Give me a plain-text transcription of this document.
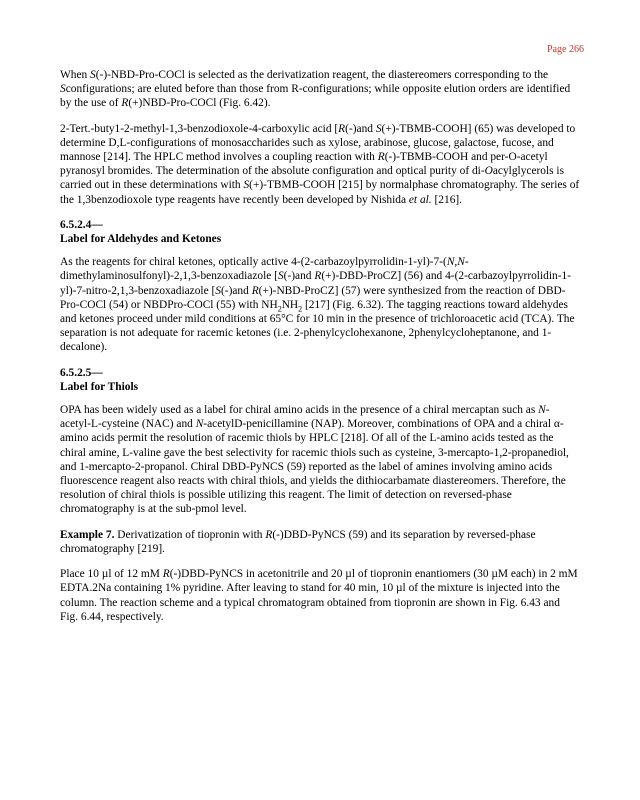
Page 266

When S(-)-NBD-Pro-COCl is selected as the derivatization reagent, the diastereomers corresponding to the Sconfigurations; are eluted before than those from R-configurations; while opposite elution orders are identified by the use of R(+)NBD-Pro-COCl (Fig. 6.42).

2-Tert.-buty1-2-methyl-1,3-benzodioxole-4-carboxylic acid [R(-)and S(+)-TBMB-COOH] (65) was developed to determine D,L-configurations of monosaccharides such as xylose, arabinose, glucose, galactose, fucose, and mannose [214]. The HPLC method involves a coupling reaction with R(-)-TBMB-COOH and per-O-acetyl pyranosyl bromides. The determination of the absolute configuration and optical purity of di-Oacylglycerols is carried out in these determinations with S(+)-TBMB-COOH [215] by normalphase chromatography. The series of the 1,3benzodioxole type reagents have recently been developed by Nishida et al. [216].

6.5.2.4—
Label for Aldehydes and Ketones

As the reagents for chiral ketones, optically active 4-(2-carbazoylpyrrolidin-1-yl)-7-(N,N-dimethylaminosulfonyl)-2,1,3-benzoxadiazole [S(-)and R(+)-DBD-ProCZ] (56) and 4-(2-carbazoylpyrrolidin-1-yl)-7-nitro-2,1,3-benzoxadiazole [S(-)and R(+)-NBD-ProCZ] (57) were synthesized from the reaction of DBD-Pro-COCl (54) or NBDPro-COCl (55) with $NH_2NH_2$ [217] (Fig. 6.32). The tagging reactions toward aldehydes and ketones proceed under mild conditions at 65°C for 10 min in the presence of trichloroacetic acid (TCA). The separation is not adequate for racemic ketones (i.e. 2-phenylcyclohexanone, 2phenylcycloheptanone, and 1-decalone).

6.5.2.5—
Label for Thiols

OPA has been widely used as a label for chiral amino acids in the presence of a chiral mercaptan such as N-acetyl-L-cysteine (NAC) and N-acetylD-penicillamine (NAP). Moreover, combinations of OPA and a chiral α-amino acids permit the resolution of racemic thiols by HPLC [218]. Of all of the L-amino acids tested as the chiral amine, L-valine gave the best selectivity for racemic thiols such as cysteine, 3-mercapto-1,2-propanediol, and 1-mercapto-2-propanol. Chiral DBD-PyNCS (59) reported as the label of amines involving amino acids fluorescence reagent also reacts with chiral thiols, and yields the dithiocarbamate diastereomers. Therefore, the resolution of chiral thiols is possible utilizing this reagent. The limit of detection on reversed-phase chromatography is at the sub-pmol level.

Example 7. Derivatization of tiopronin with R(-)DBD-PyNCS (59) and its separation by reversed-phase chromatography [219].

Place 10 µl of 12 mM R(-)DBD-PyNCS in acetonitrile and 20 µl of tiopronin enantiomers (30 µM each) in 2 mM EDTA.2Na containing 1% pyridine. After leaving to stand for 40 min, 10 µl of the mixture is injected into the column. The reaction scheme and a typical chromatogram obtained from tiopronin are shown in Fig. 6.43 and Fig. 6.44, respectively.
